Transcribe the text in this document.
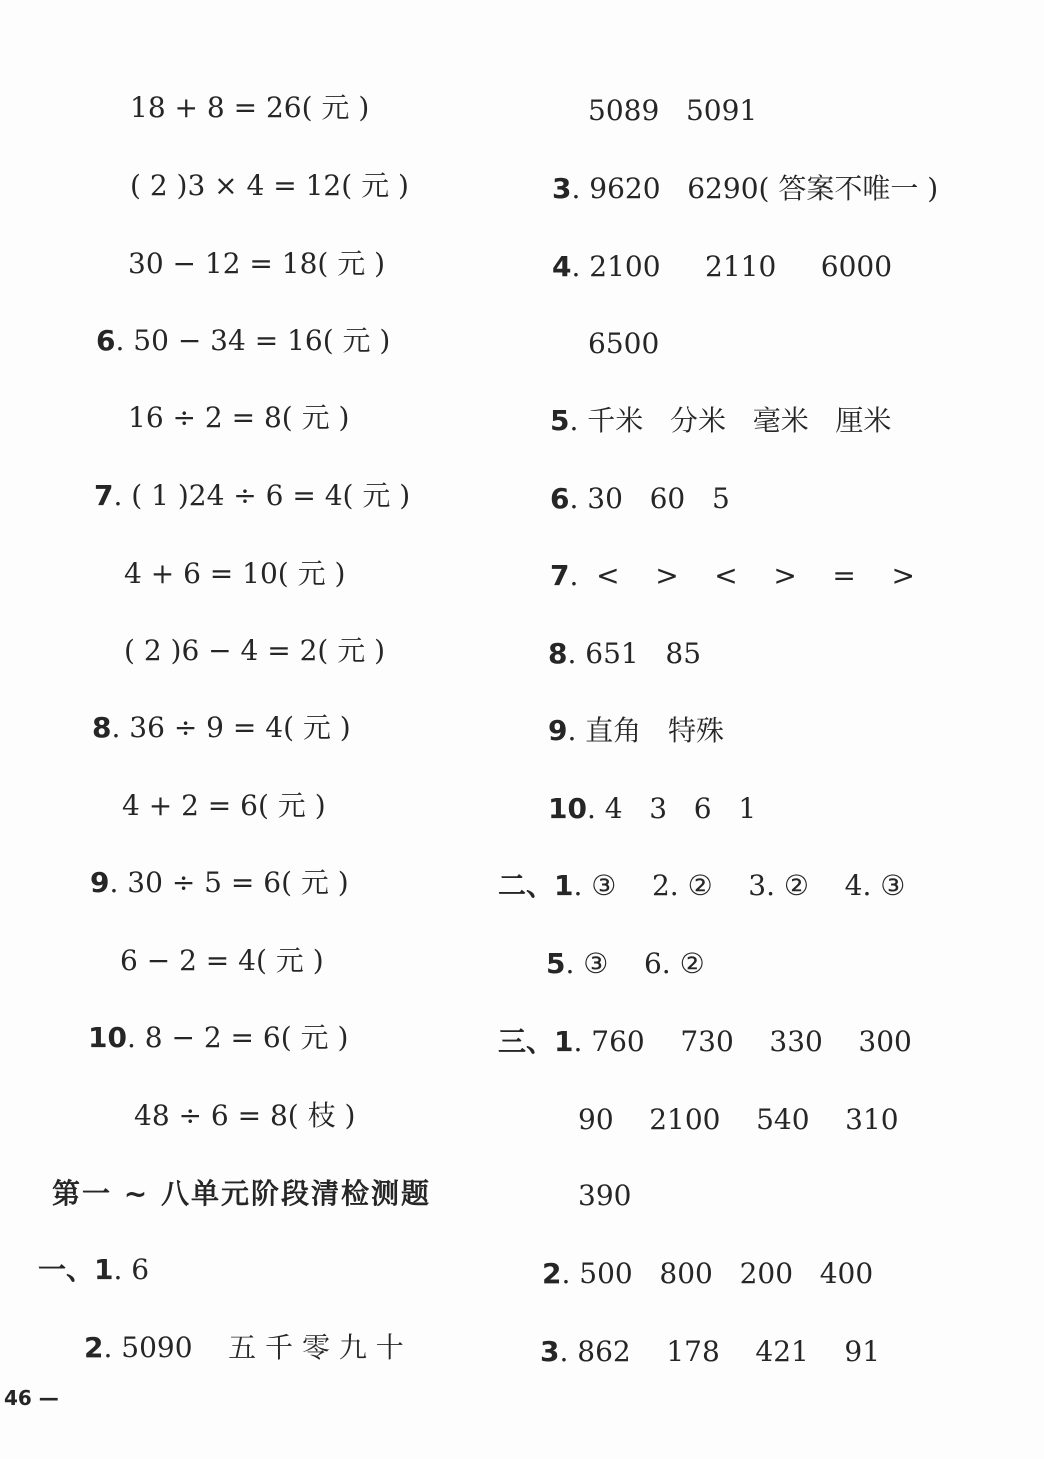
18 + 8 = 26( 元 )
( 2 )3 × 4 = 12( 元 )
30 − 12 = 18( 元 )
6. 50 − 34 = 16( 元 )
16 ÷ 2 = 8( 元 )
7. ( 1 )24 ÷ 6 = 4( 元 )
4 + 6 = 10( 元 )
( 2 )6 − 4 = 2( 元 )
8. 36 ÷ 9 = 4( 元 )
4 + 2 = 6( 元 )
9. 30 ÷ 5 = 6( 元 )
6 − 2 = 4( 元 )
10. 8 − 2 = 6( 元 )
48 ÷ 6 = 8( 枝 )
第一 ~ 八单元阶段清检测题
一、1. 6
2. 5090    五 千 零 九 十
5089   5091
3. 9620   6290( 答案不唯一 )
4. 2100     2110     6000
6500
5. 千米   分米   毫米   厘米
6. 30   60   5
7.  <    >    <    >    =    >
8. 651   85
9. 直角   特殊
10. 4   3   6   1
二、1. ③    2. ②    3. ②    4. ③
5. ③    6. ②
三、1. 760    730    330    300
90    2100    540    310
390
2. 500   800   200   400
3. 862    178    421    91
46 —
